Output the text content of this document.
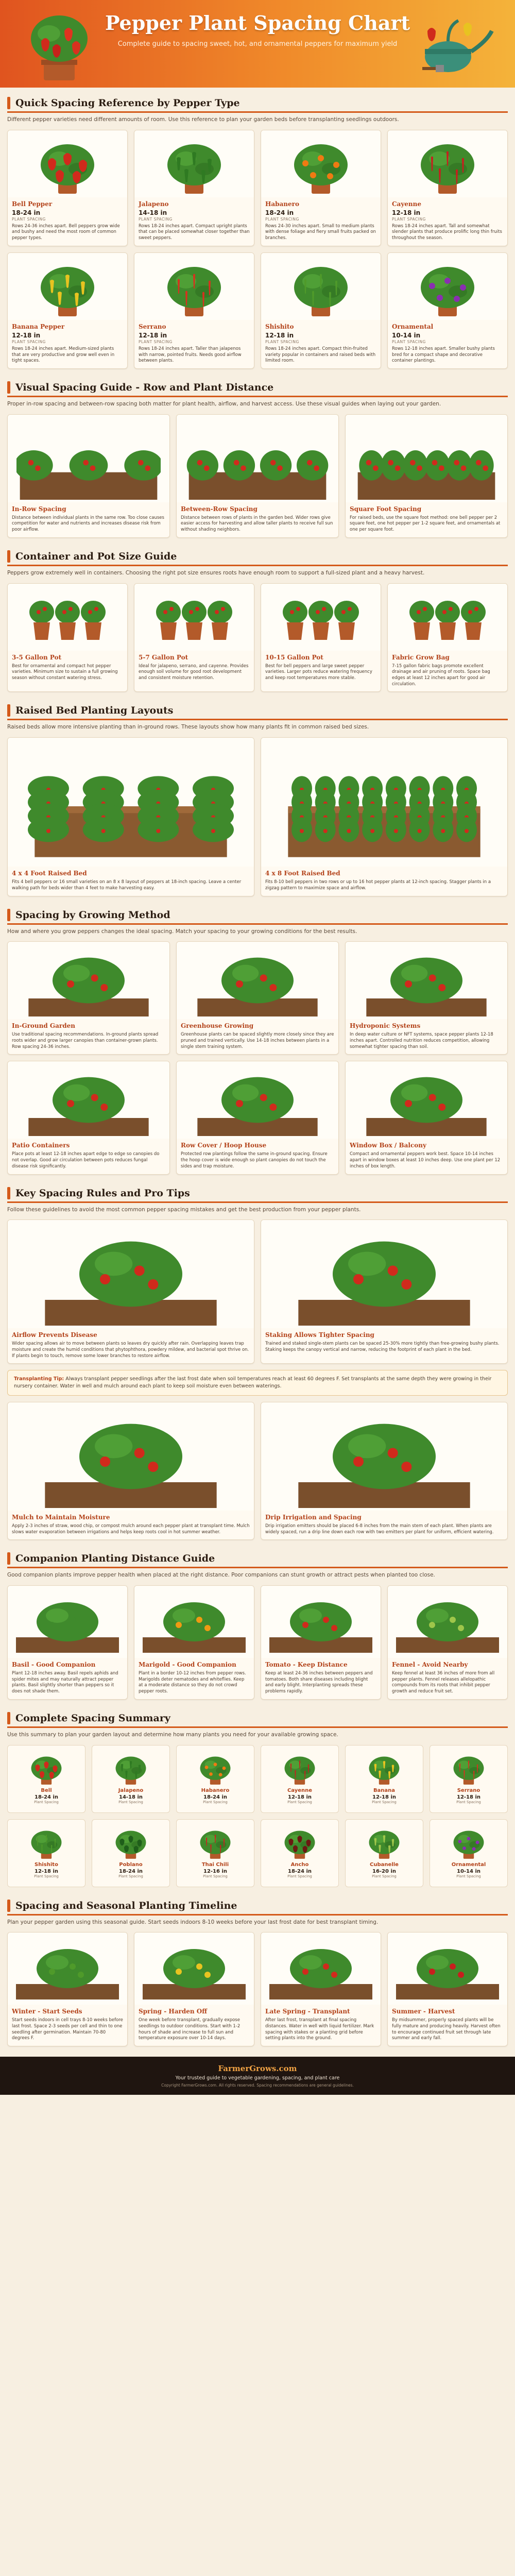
Pepper Plant Spacing Chart
Complete guide to spacing sweet, hot, and ornamental peppers for maximum yield
Quick Spacing Reference by Pepper Type
Different pepper varieties need different amounts of room. Use this reference to plan your garden beds before transplanting seedlings outdoors.
Bell Pepper
18-24 in
PLANT SPACING

Rows 24-36 inches apart. Bell peppers grow wide and bushy and need the most room of common pepper types.

Jalapeno
14-18 in
PLANT SPACING

Rows 18-24 inches apart. Compact upright plants that can be placed somewhat closer together than sweet peppers.

Habanero
18-24 in
PLANT SPACING

Rows 24-30 inches apart. Small to medium plants with dense foliage and fiery small fruits packed on branches.

Cayenne
12-18 in
PLANT SPACING

Rows 18-24 inches apart. Tall and somewhat slender plants that produce prolific long thin fruits throughout the season.

Banana Pepper
12-18 in
PLANT SPACING

Rows 18-24 inches apart. Medium-sized plants that are very productive and grow well even in tight spaces.

Serrano
12-18 in
PLANT SPACING

Rows 18-24 inches apart. Taller than jalapenos with narrow, pointed fruits. Needs good airflow between plants.

Shishito
12-18 in
PLANT SPACING

Rows 18-24 inches apart. Compact thin-fruited variety popular in containers and raised beds with limited room.

Ornamental
10-14 in
PLANT SPACING

Rows 12-18 inches apart. Smaller bushy plants bred for a compact shape and decorative container plantings.

Visual Spacing Guide - Row and Plant Distance
Proper in-row spacing and between-row spacing both matter for plant health, airflow, and harvest access. Use these visual guides when laying out your garden.
In-Row Spacing

Distance between individual plants in the same row. Too close causes competition for water and nutrients and increases disease risk from poor airflow.

Between-Row Spacing

Distance between rows of plants in the garden bed. Wider rows give easier access for harvesting and allow taller plants to receive full sun without shading neighbors.

Square Foot Spacing

For raised beds, use the square foot method: one bell pepper per 2 square feet, one hot pepper per 1-2 square feet, and ornamentals at one per square foot.

Container and Pot Size Guide
Peppers grow extremely well in containers. Choosing the right pot size ensures roots have enough room to support a full-sized plant and a heavy harvest.
3-5 Gallon Pot

Best for ornamental and compact hot pepper varieties. Minimum size to sustain a full growing season without constant watering stress.

5-7 Gallon Pot

Ideal for jalapeno, serrano, and cayenne. Provides enough soil volume for good root development and consistent moisture retention.

10-15 Gallon Pot

Best for bell peppers and large sweet pepper varieties. Larger pots reduce watering frequency and keep root temperatures more stable.

Fabric Grow Bag

7-15 gallon fabric bags promote excellent drainage and air pruning of roots. Space bag edges at least 12 inches apart for good air circulation.

Raised Bed Planting Layouts
Raised beds allow more intensive planting than in-ground rows. These layouts show how many plants fit in common raised bed sizes.
4 x 4 Foot Raised Bed

Fits 4 bell peppers or 16 small varieties on an 8 x 8 layout of peppers at 18-inch spacing. Leave a center walking path for beds wider than 4 feet to make harvesting easy.

4 x 8 Foot Raised Bed

Fits 8-10 bell peppers in two rows or up to 16 hot pepper plants at 12-inch spacing. Stagger plants in a zigzag pattern to maximize space and airflow.

Spacing by Growing Method
How and where you grow peppers changes the ideal spacing. Match your spacing to your growing conditions for the best results.
In-Ground Garden

Use traditional spacing recommendations. In-ground plants spread roots wider and grow larger canopies than container-grown plants. Row spacing 24-36 inches.

Greenhouse Growing

Greenhouse plants can be spaced slightly more closely since they are pruned and trained vertically. Use 14-18 inches between plants in a single stem training system.

Hydroponic Systems

In deep water culture or NFT systems, space pepper plants 12-18 inches apart. Controlled nutrition reduces competition, allowing somewhat tighter spacing than soil.

Patio Containers

Place pots at least 12-18 inches apart edge to edge so canopies do not overlap. Good air circulation between pots reduces fungal disease risk significantly.

Row Cover / Hoop House

Protected row plantings follow the same in-ground spacing. Ensure the hoop cover is wide enough so plant canopies do not touch the sides and trap moisture.

Window Box / Balcony

Compact and ornamental peppers work best. Space 10-14 inches apart in window boxes at least 10 inches deep. Use one plant per 12 inches of box length.

Key Spacing Rules and Pro Tips
Follow these guidelines to avoid the most common pepper spacing mistakes and get the best production from your pepper plants.
Airflow Prevents Disease

Wider spacing allows air to move between plants so leaves dry quickly after rain. Overlapping leaves trap moisture and create the humid conditions that phytophthora, powdery mildew, and bacterial spot thrive on. If plants begin to touch, remove some lower branches to restore airflow.

Staking Allows Tighter Spacing

Trained and staked single-stem plants can be spaced 25-30% more tightly than free-growing bushy plants. Staking keeps the canopy vertical and narrow, reducing the footprint of each plant in the bed.

Transplanting Tip: Always transplant pepper seedlings after the last frost date when soil temperatures reach at least 60 degrees F. Set transplants at the same depth they were growing in their nursery container. Water in well and mulch around each plant to keep soil moisture even between waterings.
Mulch to Maintain Moisture

Apply 2-3 inches of straw, wood chip, or compost mulch around each pepper plant at transplant time. Mulch slows water evaporation between irrigations and helps keep roots cool in hot summer weather.

Drip Irrigation and Spacing

Drip irrigation emitters should be placed 6-8 inches from the main stem of each plant. When plants are widely spaced, run a drip line down each row with two emitters per plant for uniform, efficient watering.

Companion Planting Distance Guide
Good companion plants improve pepper health when placed at the right distance. Poor companions can stunt growth or attract pests when planted too close.
Basil - Good Companion

Plant 12-18 inches away. Basil repels aphids and spider mites and may naturally attract pepper plants. Basil slightly shorter than peppers so it does not shade them.

Marigold - Good Companion

Plant in a border 10-12 inches from pepper rows. Marigolds deter nematodes and whiteflies. Keep at a moderate distance so they do not crowd pepper roots.

Tomato - Keep Distance

Keep at least 24-36 inches between peppers and tomatoes. Both share diseases including blight and early blight. Interplanting spreads these problems rapidly.

Fennel - Avoid Nearby

Keep fennel at least 36 inches of more from all pepper plants. Fennel releases allelopathic compounds from its roots that inhibit pepper growth and reduce fruit set.

Complete Spacing Summary
Use this summary to plan your garden layout and determine how many plants you need for your available growing space.
Bell
18-24 in
Plant Spacing
Jalapeno
14-18 in
Plant Spacing
Habanero
18-24 in
Plant Spacing
Cayenne
12-18 in
Plant Spacing
Banana
12-18 in
Plant Spacing
Serrano
12-18 in
Plant Spacing
Shishito
12-18 in
Plant Spacing
Poblano
18-24 in
Plant Spacing
Thai Chili
12-16 in
Plant Spacing
Ancho
18-24 in
Plant Spacing
Cubanelle
16-20 in
Plant Spacing
Ornamental
10-14 in
Plant Spacing
Spacing and Seasonal Planting Timeline
Plan your pepper garden using this seasonal guide. Start seeds indoors 8-10 weeks before your last frost date for best transplant timing.
Winter - Start Seeds

Start seeds indoors in cell trays 8-10 weeks before last frost. Space 2-3 seeds per cell and thin to one seedling after germination. Maintain 70-80 degrees F.

Spring - Harden Off

One week before transplant, gradually expose seedlings to outdoor conditions. Start with 1-2 hours of shade and increase to full sun and temperature exposure over 10-14 days.

Late Spring - Transplant

After last frost, transplant at final spacing distances. Water in well with liquid fertilizer. Mark spacing with stakes or a planting grid before setting plants into the ground.

Summer - Harvest

By midsummer, properly spaced plants will be fully mature and producing heavily. Harvest often to encourage continued fruit set through late summer and early fall.

FarmerGrows.com
Your trusted guide to vegetable gardening, spacing, and plant care
Copyright FarmerGrows.com. All rights reserved. Spacing recommendations are general guidelines.
